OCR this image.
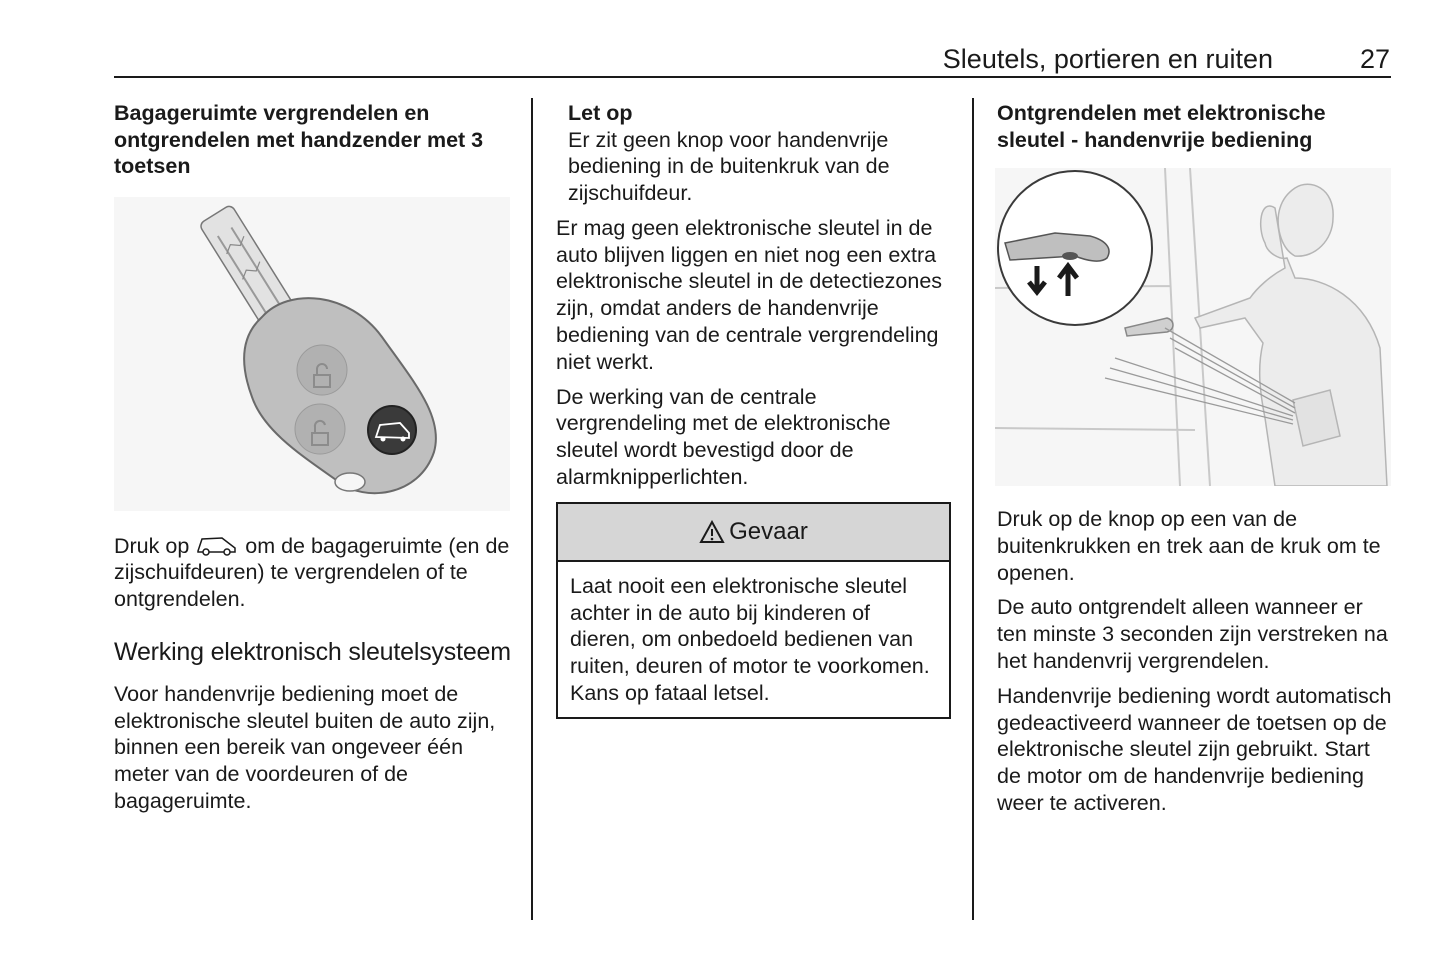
Sleutels, portieren en ruiten	27
Bagageruimte vergrendelen en ontgrendelen met handzender met 3 toetsen

Druk op  om de bagageruimte (en de zijschuifdeuren) te vergrendelen of te ontgrendelen.

Werking elektronisch sleutelsysteem

Voor handenvrije bediening moet de elektronische sleutel buiten de auto zijn, binnen een bereik van ongeveer één meter van de voordeuren of de bagageruimte.

Let op

Er zit geen knop voor handenvrije bediening in de buitenkruk van de zijschuifdeur.

Er mag geen elektronische sleutel in de auto blijven liggen en niet nog een extra elektronische sleutel in de detectiezones zijn, omdat anders de handenvrije bediening van de centrale vergrendeling niet werkt.

De werking van de centrale vergrendeling met de elektronische sleutel wordt bevestigd door de alarmknipperlichten.

Gevaar

Laat nooit een elektronische sleutel achter in de auto bij kinderen of dieren, om onbedoeld bedienen van ruiten, deuren of motor te voorkomen. Kans op fataal letsel.

Ontgrendelen met elektronische sleutel - handenvrije bediening

Druk op de knop op een van de buitenkrukken en trek aan de kruk om te openen.

De auto ontgrendelt alleen wanneer er ten minste 3 seconden zijn verstreken na het handenvrij vergrendelen.

Handenvrije bediening wordt automatisch gedeactiveerd wanneer de toetsen op de elektronische sleutel zijn gebruikt. Start de motor om de handenvrije bediening weer te activeren.
